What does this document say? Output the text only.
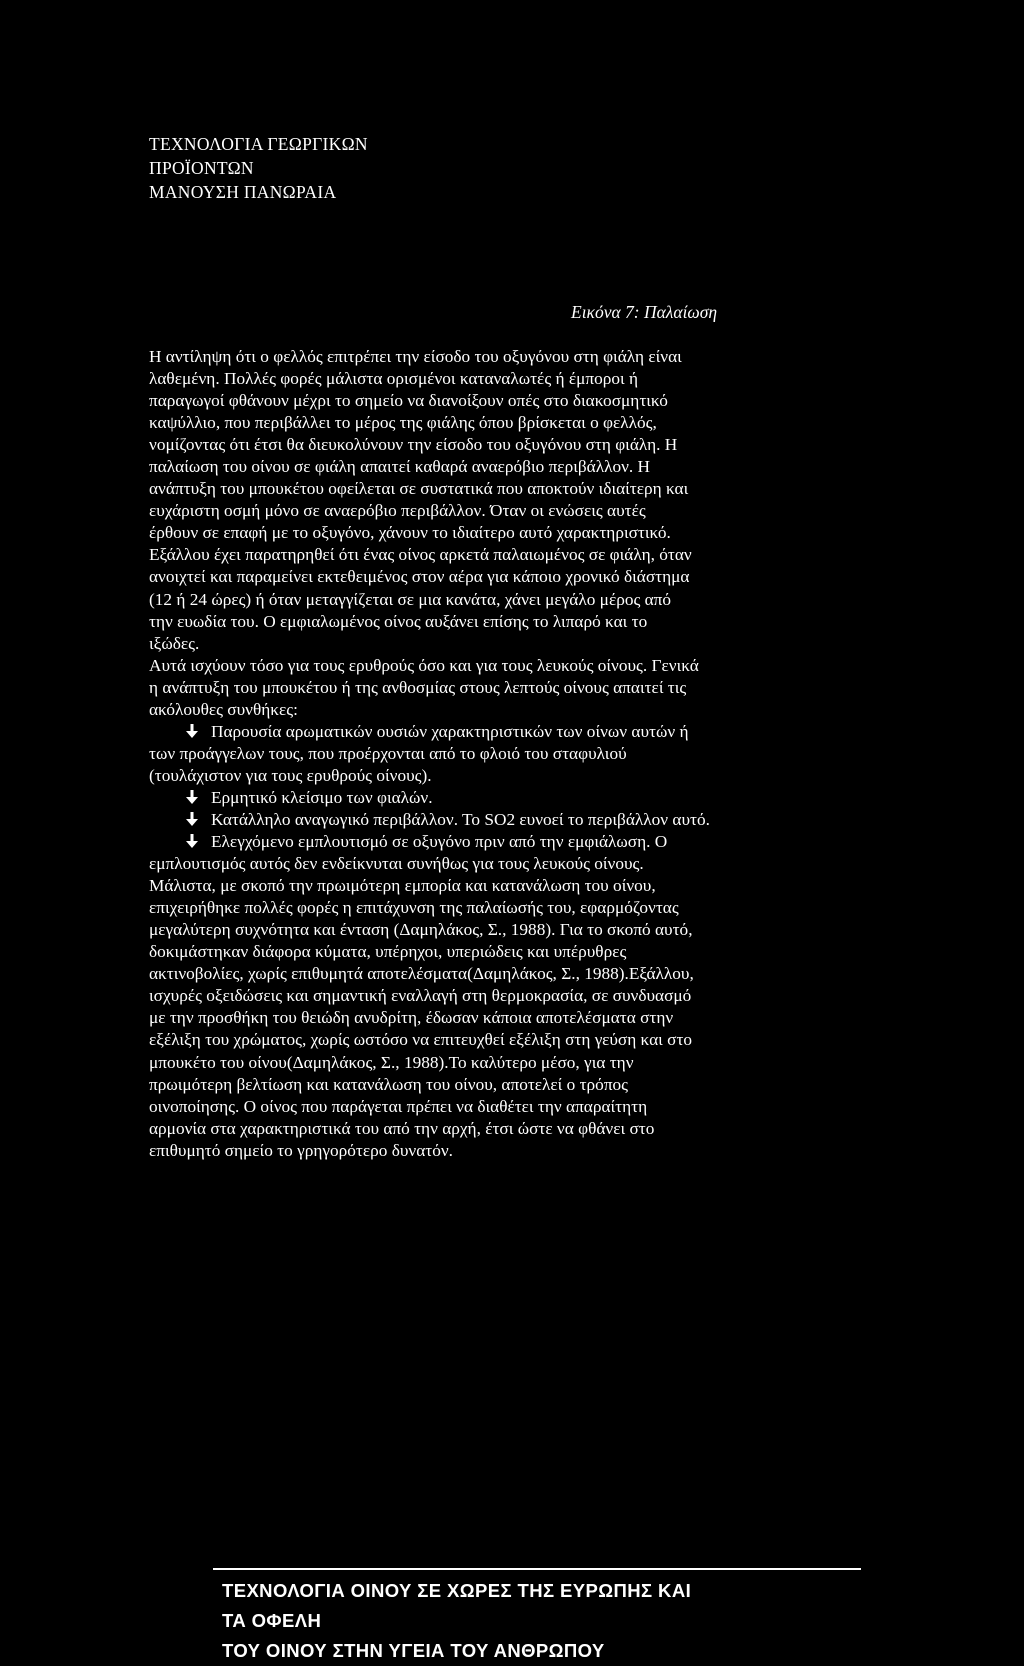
ΤΕΧΝΟΛΟΓΙΑ ΓΕΩΡΓΙΚΩΝ
ΠΡΟΪΟΝΤΩΝ
ΜΑΝΟΥΣΗ ΠΑΝΩΡΑΙΑ
Εικόνα 7: Παλαίωση

Η αντίληψη ότι ο φελλός επιτρέπει την είσοδο του οξυγόνου στη φιάλη είναι
λαθεμένη. Πολλές φορές μάλιστα ορισμένοι καταναλωτές ή έμποροι ή
παραγωγοί φθάνουν μέχρι το σημείο να διανοίξουν οπές στο διακοσμητικό
καψύλλιο, που περιβάλλει το μέρος της φιάλης όπου βρίσκεται ο φελλός,
νομίζοντας ότι έτσι θα διευκολύνουν την είσοδο του οξυγόνου στη φιάλη. Η
παλαίωση του οίνου σε φιάλη απαιτεί καθαρά αναερόβιο περιβάλλον. Η
ανάπτυξη του μπουκέτου οφείλεται σε συστατικά που αποκτούν ιδιαίτερη και
ευχάριστη οσμή μόνο σε αναερόβιο περιβάλλον. Όταν οι ενώσεις αυτές
έρθουν σε επαφή με το οξυγόνο, χάνουν το ιδιαίτερο αυτό χαρακτηριστικό.
Εξάλλου έχει παρατηρηθεί ότι ένας οίνος αρκετά παλαιωμένος σε φιάλη, όταν
ανοιχτεί και παραμείνει εκτεθειμένος στον αέρα για κάποιο χρονικό διάστημα
(12 ή 24 ώρες) ή όταν μεταγγίζεται σε μια κανάτα, χάνει μεγάλο μέρος από
την ευωδία του. Ο εμφιαλωμένος οίνος αυξάνει επίσης το λιπαρό και το
ιξώδες.
Αυτά ισχύουν τόσο για τους ερυθρούς όσο και για τους λευκούς οίνους. Γενικά
η ανάπτυξη του μπουκέτου ή της ανθοσμίας στους λεπτούς οίνους απαιτεί τις
ακόλουθες συνθήκες:
Παρουσία αρωματικών ουσιών χαρακτηριστικών των οίνων αυτών ή
των προάγγελων τους, που προέρχονται από το φλοιό του σταφυλιού
(τουλάχιστον για τους ερυθρούς οίνους).
Ερμητικό κλείσιμο των φιαλών.
Κατάλληλο αναγωγικό περιβάλλον. Το SO2 ευνοεί το περιβάλλον αυτό.
Ελεγχόμενο εμπλουτισμό σε οξυγόνο πριν από την εμφιάλωση. Ο
εμπλουτισμός αυτός δεν ενδείκνυται συνήθως για τους λευκούς οίνους.
Μάλιστα, με σκοπό την πρωιμότερη εμπορία και κατανάλωση του οίνου,
επιχειρήθηκε πολλές φορές η επιτάχυνση της παλαίωσής του, εφαρμόζοντας
μεγαλύτερη συχνότητα και ένταση (Δαμηλάκος, Σ., 1988). Για το σκοπό αυτό,
δοκιμάστηκαν διάφορα κύματα, υπέρηχοι, υπεριώδεις και υπέρυθρες
ακτινοβολίες, χωρίς επιθυμητά αποτελέσματα(Δαμηλάκος, Σ., 1988).Εξάλλου,
ισχυρές οξειδώσεις και σημαντική εναλλαγή στη θερμοκρασία, σε συνδυασμό
με την προσθήκη του θειώδη ανυδρίτη, έδωσαν κάποια αποτελέσματα στην
εξέλιξη του χρώματος, χωρίς ωστόσο να επιτευχθεί εξέλιξη στη γεύση και στο
μπουκέτο του οίνου(Δαμηλάκος, Σ., 1988).Το καλύτερο μέσο, για την
πρωιμότερη βελτίωση και κατανάλωση του οίνου, αποτελεί ο τρόπος
οινοποίησης. Ο οίνος που παράγεται πρέπει να διαθέτει την απαραίτητη
αρμονία στα χαρακτηριστικά του από την αρχή, έτσι ώστε να φθάνει στο
επιθυμητό σημείο το γρηγορότερο δυνατόν.

ΤΕΧΝΟΛΟΓΙΑ ΟΙΝΟΥ ΣΕ ΧΩΡΕΣ ΤΗΣ ΕΥΡΩΠΗΣ ΚΑΙ
ΤΑ ΟΦΕΛΗ
ΤΟΥ ΟΙΝΟΥ ΣΤΗΝ ΥΓΕΙΑ ΤΟΥ ΑΝΘΡΩΠΟΥ
